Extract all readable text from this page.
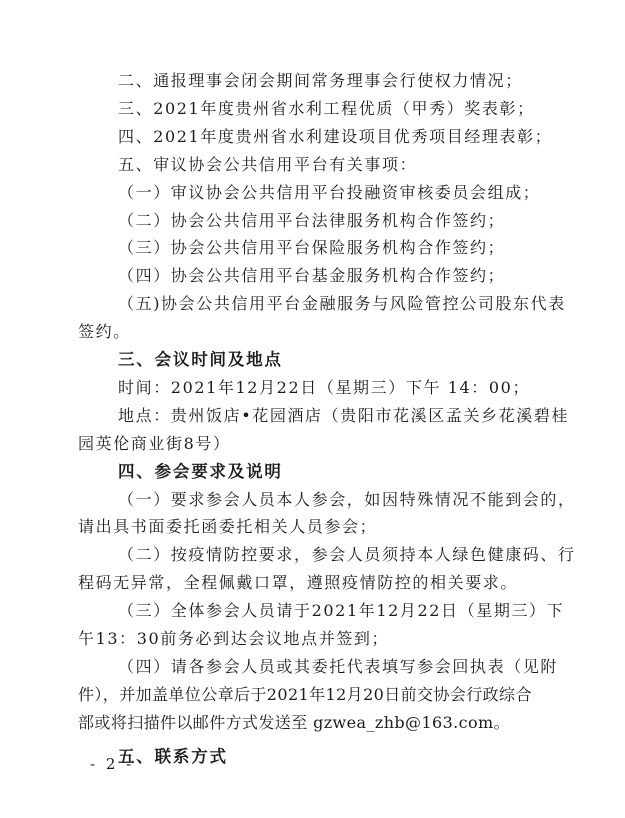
二、通报理事会闭会期间常务理事会行使权力情况；
三、2021年度贵州省水利工程优质（甲秀）奖表彰；
四、2021年度贵州省水利建设项目优秀项目经理表彰；
五、审议协会公共信用平台有关事项：
（一）审议协会公共信用平台投融资审核委员会组成；
（二）协会公共信用平台法律服务机构合作签约；
（三）协会公共信用平台保险服务机构合作签约；
（四）协会公共信用平台基金服务机构合作签约；
（五)协会公共信用平台金融服务与风险管控公司股东代表
签约。
三、会议时间及地点
时间：2021年12月22日（星期三）下午 14：00；
地点：贵州饭店•花园酒店（贵阳市花溪区孟关乡花溪碧桂
园英伦商业街8号）
四、参会要求及说明
（一）要求参会人员本人参会，如因特殊情况不能到会的，
请出具书面委托函委托相关人员参会；
（二）按疫情防控要求，参会人员须持本人绿色健康码、行
程码无异常，全程佩戴口罩，遵照疫情防控的相关要求。
（三）全体参会人员请于2021年12月22日（星期三）下
午13：30前务必到达会议地点并签到；
（四）请各参会人员或其委托代表填写参会回执表（见附
件），并加盖单位公章后于2021年12月20日前交协会行政综合
部或将扫描件以邮件方式发送至 gzwea_zhb@163.com。
- 2 -
五、联系方式
